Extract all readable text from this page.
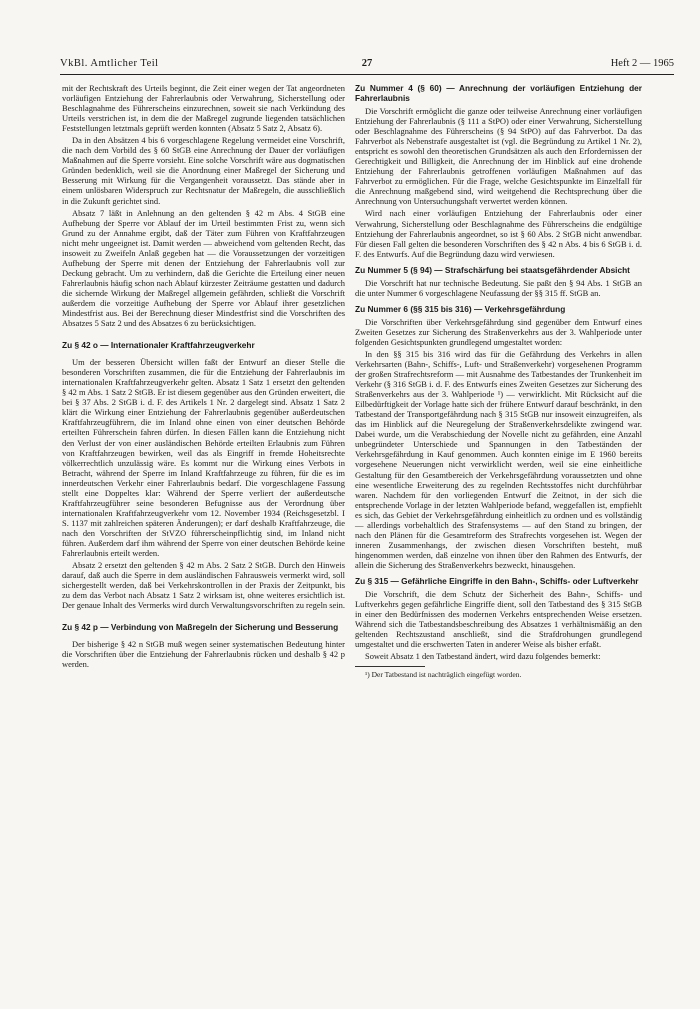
VkBl. Amtlicher Teil	27	Heft 2 — 1965

mit der Rechtskraft des Urteils beginnt, die Zeit einer wegen der Tat angeordneten vorläufigen Entziehung der Fahrerlaubnis oder Verwahrung, Sicherstellung oder Beschlagnahme des Führerscheins einzurechnen, soweit sie nach Verkündung des Urteils verstrichen ist, in dem die der Maßregel zugrunde liegenden tatsächlichen Feststellungen letztmals geprüft werden konnten (Absatz 5 Satz 2, Absatz 6).

Da in den Absätzen 4 bis 6 vorgeschlagene Regelung vermeidet eine Vorschrift, die nach dem Vorbild des § 60 StGB eine Anrechnung der Dauer der vorläufigen Maßnahmen auf die Sperre vorsieht. Eine solche Vorschrift wäre aus dogmatischen Gründen bedenklich, weil sie die Anordnung einer Maßregel der Sicherung und Besserung mit Wirkung für die Vergangenheit voraussetzt. Das stände aber in einem unlösbaren Widerspruch zur Rechtsnatur der Maßregeln, die ausschließlich in die Zukunft gerichtet sind.

Absatz 7 läßt in Anlehnung an den geltenden § 42 m Abs. 4 StGB eine Aufhebung der Sperre vor Ablauf der im Urteil bestimmten Frist zu, wenn sich Grund zu der Annahme ergibt, daß der Täter zum Führen von Kraftfahrzeugen nicht mehr ungeeignet ist. Damit werden — abweichend vom geltenden Recht, das insoweit zu Zweifeln Anlaß gegeben hat — die Voraussetzungen der vorzeitigen Aufhebung der Sperre mit denen der Entziehung der Fahrerlaubnis voll zur Deckung gebracht. Um zu verhindern, daß die Gerichte die Erteilung einer neuen Fahrerlaubnis häufig schon nach Ablauf kürzester Zeiträume gestatten und dadurch die sichernde Wirkung der Maßregel allgemein gefährden, schließt die Vorschrift außerdem die vorzeitige Aufhebung der Sperre vor Ablauf ihrer gesetzlichen Mindestfrist aus. Bei der Berechnung dieser Mindestfrist sind die Vorschriften des Absatzes 5 Satz 2 und des Absatzes 6 zu berücksichtigen.

Zu § 42 o — Internationaler Kraftfahrzeugverkehr

Um der besseren Übersicht willen faßt der Entwurf an dieser Stelle die besonderen Vorschriften zusammen, die für die Entziehung der Fahrerlaubnis im internationalen Kraftfahrzeugverkehr gelten. Absatz 1 Satz 1 ersetzt den geltenden § 42 m Abs. 1 Satz 2 StGB. Er ist diesem gegenüber aus den Gründen erweitert, die bei § 37 Abs. 2 StGB i. d. F. des Artikels 1 Nr. 2 dargelegt sind. Absatz 1 Satz 2 klärt die Wirkung einer Entziehung der Fahrerlaubnis gegenüber außerdeutschen Kraftfahrzeugführern, die im Inland ohne einen von einer deutschen Behörde erteilten Führerschein fahren dürfen. In diesen Fällen kann die Entziehung nicht den Verlust der von einer ausländischen Behörde erteilten Erlaubnis zum Führen von Kraftfahrzeugen bewirken, weil das als Eingriff in fremde Hoheitsrechte völkerrechtlich unzulässig wäre. Es kommt nur die Wirkung eines Verbots in Betracht, während der Sperre im Inland Kraftfahrzeuge zu führen, für die es im innerdeutschen Verkehr einer Fahrerlaubnis bedarf. Die vorgeschlagene Fassung stellt eine Doppeltes klar: Während der Sperre verliert der außerdeutsche Kraftfahrzeugführer seine besonderen Befugnisse aus der Verordnung über internationalen Kraftfahrzeugverkehr vom 12. November 1934 (Reichsgesetzbl. I S. 1137 mit zahlreichen späteren Änderungen); er darf deshalb Kraftfahrzeuge, die nach den Vorschriften der StVZO führerscheinpflichtig sind, im Inland nicht führen. Außerdem darf ihm während der Sperre von einer deutschen Behörde keine Fahrerlaubnis erteilt werden.

Absatz 2 ersetzt den geltenden § 42 m Abs. 2 Satz 2 StGB. Durch den Hinweis darauf, daß auch die Sperre in dem ausländischen Fahrausweis vermerkt wird, soll sichergestellt werden, daß bei Verkehrskontrollen in der Praxis der Zeitpunkt, bis zu dem das Verbot nach Absatz 1 Satz 2 wirksam ist, ohne weiteres ersichtlich ist. Der genaue Inhalt des Vermerks wird durch Verwaltungsvorschriften zu regeln sein.

Zu § 42 p — Verbindung von Maßregeln der Sicherung und Besserung

Der bisherige § 42 n StGB muß wegen seiner systematischen Bedeutung hinter die Vorschriften über die Entziehung der Fahrerlaubnis rücken und deshalb § 42 p werden.

Zu Nummer 4 (§ 60) — Anrechnung der vorläufigen Entziehung der Fahrerlaubnis

Die Vorschrift ermöglicht die ganze oder teilweise Anrechnung einer vorläufigen Entziehung der Fahrerlaubnis (§ 111 a StPO) oder einer Verwahrung, Sicherstellung oder Beschlagnahme des Führerscheins (§ 94 StPO) auf das Fahrverbot. Da das Fahrverbot als Nebenstrafe ausgestaltet ist (vgl. die Begründung zu Artikel 1 Nr. 2), entspricht es sowohl den theoretischen Grundsätzen als auch den Erfordernissen der Gerechtigkeit und Billigkeit, die Anrechnung der im Hinblick auf eine drohende Entziehung der Fahrerlaubnis getroffenen vorläufigen Maßnahmen auf das Fahrverbot zu ermöglichen. Für die Frage, welche Gesichtspunkte im Einzelfall für die Anrechnung maßgebend sind, wird weitgehend die Rechtsprechung über die Anrechnung von Untersuchungshaft verwertet werden können.

Wird nach einer vorläufigen Entziehung der Fahrerlaubnis oder einer Verwahrung, Sicherstellung oder Beschlagnahme des Führerscheins die endgültige Entziehung der Fahrerlaubnis angeordnet, so ist § 60 Abs. 2 StGB nicht anwendbar. Für diesen Fall gelten die besonderen Vorschriften des § 42 n Abs. 4 bis 6 StGB i. d. F. des Entwurfs. Auf die Begründung dazu wird verwiesen.

Zu Nummer 5 (§ 94) — Strafschärfung bei staatsgefährdender Absicht

Die Vorschrift hat nur technische Bedeutung. Sie paßt den § 94 Abs. 1 StGB an die unter Nummer 6 vorgeschlagene Neufassung der §§ 315 ff. StGB an.

Zu Nummer 6 (§§ 315 bis 316) — Verkehrsgefährdung

Die Vorschriften über Verkehrsgefährdung sind gegenüber dem Entwurf eines Zweiten Gesetzes zur Sicherung des Straßenverkehrs aus der 3. Wahlperiode unter folgenden Gesichtspunkten grundlegend umgestaltet worden:

In den §§ 315 bis 316 wird das für die Gefährdung des Verkehrs in allen Verkehrsarten (Bahn-, Schiffs-, Luft- und Straßenverkehr) vorgesehenen Programm der großen Strafrechtsreform — mit Ausnahme des Tatbestandes der Trunkenheit im Verkehr (§ 316 StGB i. d. F. des Entwurfs eines Zweiten Gesetzes zur Sicherung des Straßenverkehrs aus der 3. Wahlperiode ¹) — verwirklicht. Mit Rücksicht auf die Eilbedürftigkeit der Vorlage hatte sich der frühere Entwurf darauf beschränkt, in den Tatbestand der Transportgefährdung nach § 315 StGB nur insoweit einzugreifen, als das im Hinblick auf die Neuregelung der Straßenverkehrsdelikte zwingend war. Dabei wurde, um die Verabschiedung der Novelle nicht zu gefährden, eine Anzahl unbegründeter Unterschiede und Spannungen in den Tatbeständen der Verkehrsgefährdung in Kauf genommen. Auch konnten einige im E 1960 bereits vorgesehene Neuerungen nicht verwirklicht werden, weil sie eine einheitliche Gestaltung für den Gesamtbereich der Verkehrsgefährdung voraussetzten und ohne eine wesentliche Erweiterung des zu regelnden Rechtsstoffes nicht durchführbar waren. Nachdem für den vorliegenden Entwurf die Zeitnot, in der sich die entsprechende Vorlage in der letzten Wahlperiode befand, weggefallen ist, empfiehlt es sich, das Gebiet der Verkehrsgefährdung einheitlich zu ordnen und es vollständig — allerdings vorbehaltlich des Strafensystems — auf den Stand zu bringen, der nach den Plänen für die Gesamtreform des Strafrechts vorgesehen ist. Wegen der inneren Zusammenhangs, der zwischen diesen Vorschriften besteht, muß hingenommen werden, daß einzelne von ihnen über den Rahmen des Entwurfs, der allein die Sicherung des Straßenverkehrs bezweckt, hinausgehen.

Zu § 315 — Gefährliche Eingriffe in den Bahn-, Schiffs- oder Luftverkehr

Die Vorschrift, die dem Schutz der Sicherheit des Bahn-, Schiffs- und Luftverkehrs gegen gefährliche Eingriffe dient, soll den Tatbestand des § 315 StGB in einer den Bedürfnissen des modernen Verkehrs entsprechenden Weise ersetzen. Während sich die Tatbestandsbeschreibung des Absatzes 1 verhältnismäßig an den geltenden Rechtszustand anschließt, sind die Strafdrohungen grundlegend umgestaltet und die erschwerten Taten in anderer Weise als bisher erfaßt.

Soweit Absatz 1 den Tatbestand ändert, wird dazu folgendes bemerkt:

¹) Der Tatbestand ist nachträglich eingefügt worden.
